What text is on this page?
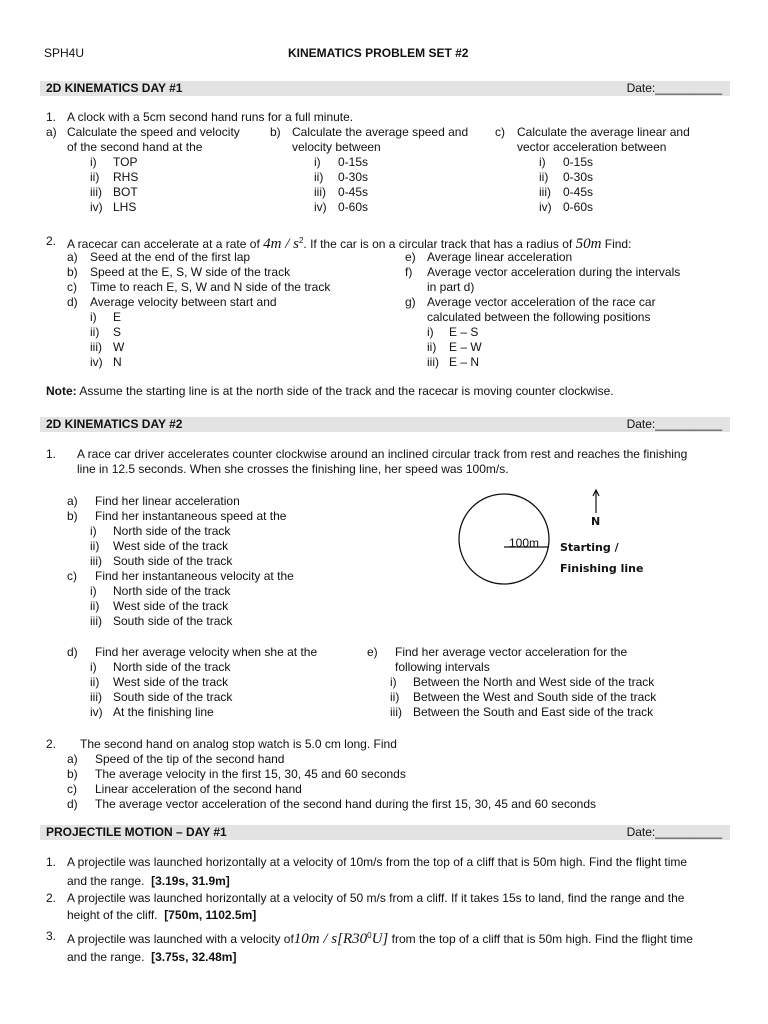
SPH4U	KINEMATICS PROBLEM SET #2
2D KINEMATICS DAY #1	Date:__________
1. A clock with a 5cm second hand runs for a full minute.
a) Calculate the speed and velocity
of the second hand at the
i) TOP
ii) RHS
iii) BOT
iv) LHS
b) Calculate the average speed and
velocity between
i) 0-15s
ii) 0-30s
iii) 0-45s
iv) 0-60s
c) Calculate the average linear and
vector acceleration between
i) 0-15s
ii) 0-30s
iii) 0-45s
iv) 0-60s
2. A racecar can accelerate at a rate of $4m / s^2$. If the car is on a circular track that has a radius of 50m Find:
a) Seed at the end of the first lap
b) Speed at the E, S, W side of the track
c) Time to reach E, S, W and N side of the track
d) Average velocity between start and
i) E
ii) S
iii) W
iv) N
e) Average linear acceleration
f) Average vector acceleration during the intervals
in part d)
g) Average vector acceleration of the race car
calculated between the following positions
i) E – S
ii) E – W
iii) E – N
Note: Assume the starting line is at the north side of the track and the racecar is moving counter clockwise.
2D KINEMATICS DAY #2	Date:__________
1. A race car driver accelerates counter clockwise around an inclined circular track from rest and reaches the finishing
line in 12.5 seconds. When she crosses the finishing line, her speed was 100m/s.
a) Find her linear acceleration
b) Find her instantaneous speed at the
i) North side of the track
ii) West side of the track
iii) South side of the track
c) Find her instantaneous velocity at the
i) North side of the track
ii) West side of the track
iii) South side of the track
100m
N
Starting /
Finishing line
d) Find her average velocity when she at the
i) North side of the track
ii) West side of the track
iii) South side of the track
iv) At the finishing line
e) Find her average vector acceleration for the
following intervals
i) Between the North and West side of the track
ii) Between the West and South side of the track
iii) Between the South and East side of the track
2. The second hand on analog stop watch is 5.0 cm long. Find
a) Speed of the tip of the second hand
b) The average velocity in the first 15, 30, 45 and 60 seconds
c) Linear acceleration of the second hand
d) The average vector acceleration of the second hand during the first 15, 30, 45 and 60 seconds
PROJECTILE MOTION – DAY #1	Date:__________
1. A projectile was launched horizontally at a velocity of 10m/s from the top of a cliff that is 50m high. Find the flight time
and the range. [3.19s, 31.9m]
2. A projectile was launched horizontally at a velocity of 50 m/s from a cliff. If it takes 15s to land, find the range and the
height of the cliff. [750m, 1102.5m]
3. A projectile was launched with a velocity $of10m / s[R30^0U]$ from the top of a cliff that is 50m high. Find the flight time
and the range. [3.75s, 32.48m]
